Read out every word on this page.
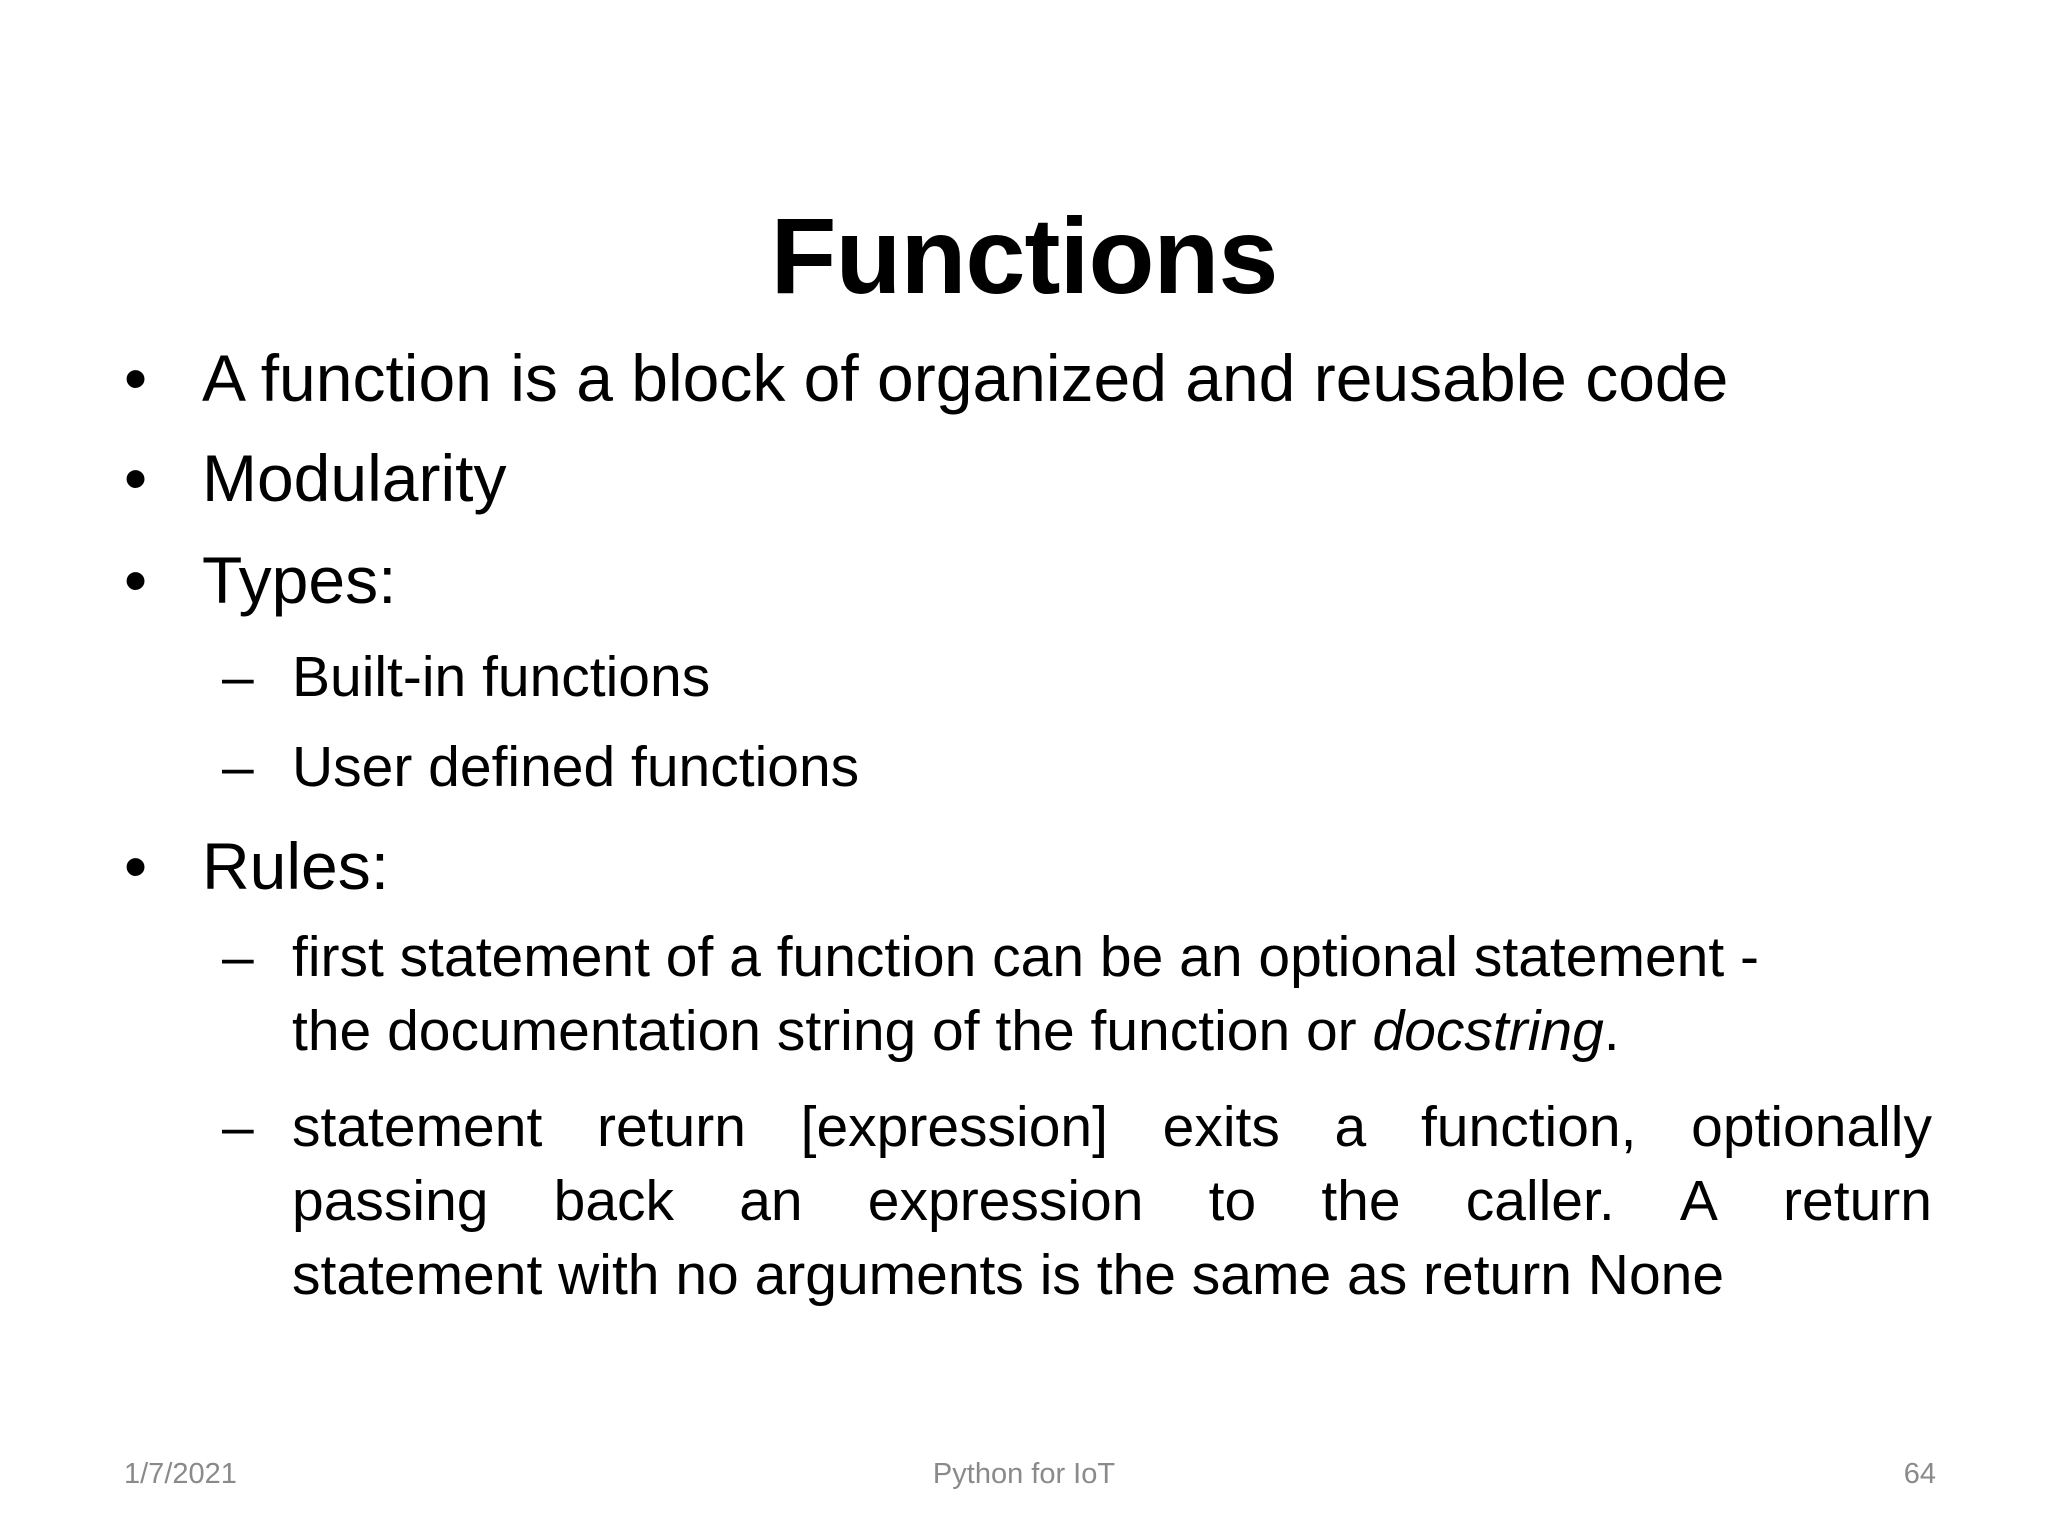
Functions
• A function is a block of organized and reusable code
• Modularity
• Types:
– Built-in functions
– User defined functions
• Rules:
– first statement of a function can be an optional statement -
the documentation string of the function or docstring.
– statement return [expression] exits a function, optionally
passing back an expression to the caller. A return
statement with no arguments is the same as return None
1/7/2021	Python for IoT	64
